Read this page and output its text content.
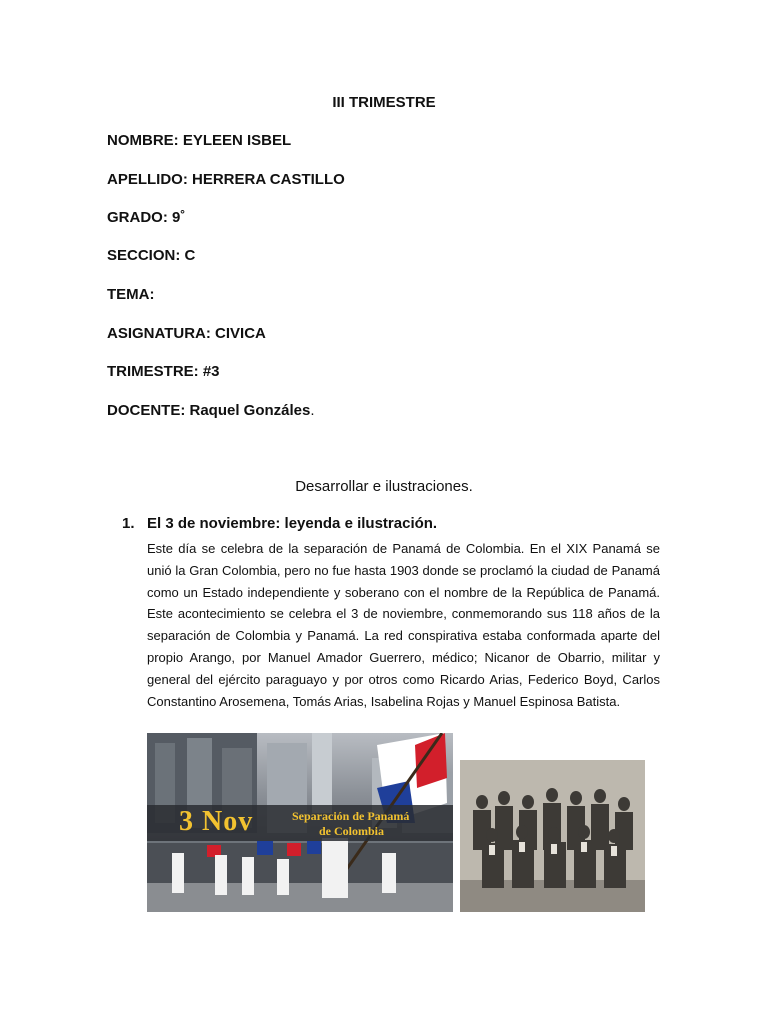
III TRIMESTRE
NOMBRE: EYLEEN ISBEL
APELLIDO: HERRERA CASTILLO
GRADO: 9˚
SECCION: C
TEMA:
ASIGNATURA: CIVICA
TRIMESTRE: #3
DOCENTE: Raquel Gonzáles.
Desarrollar e ilustraciones.
1. El 3 de noviembre: leyenda e ilustración.
Este día se celebra de la separación de Panamá de Colombia. En el XIX Panamá se unió la Gran Colombia, pero no fue hasta 1903 donde se proclamó la ciudad de Panamá como un Estado independiente y soberano con el nombre de la República de Panamá. Este acontecimiento se celebra el 3 de noviembre, conmemorando sus 118 años de la separación de Colombia y Panamá. La red conspirativa estaba conformada aparte del propio Arango, por Manuel Amador Guerrero, médico; Nicanor de Obarrio, militar y general del ejército paraguayo y por otros como Ricardo Arias, Federico Boyd, Carlos Constantino Arosemena, Tomás Arias, Isabelina Rojas y Manuel Espinosa Batista.
3 Nov	Separación de Panamá
de Colombia
